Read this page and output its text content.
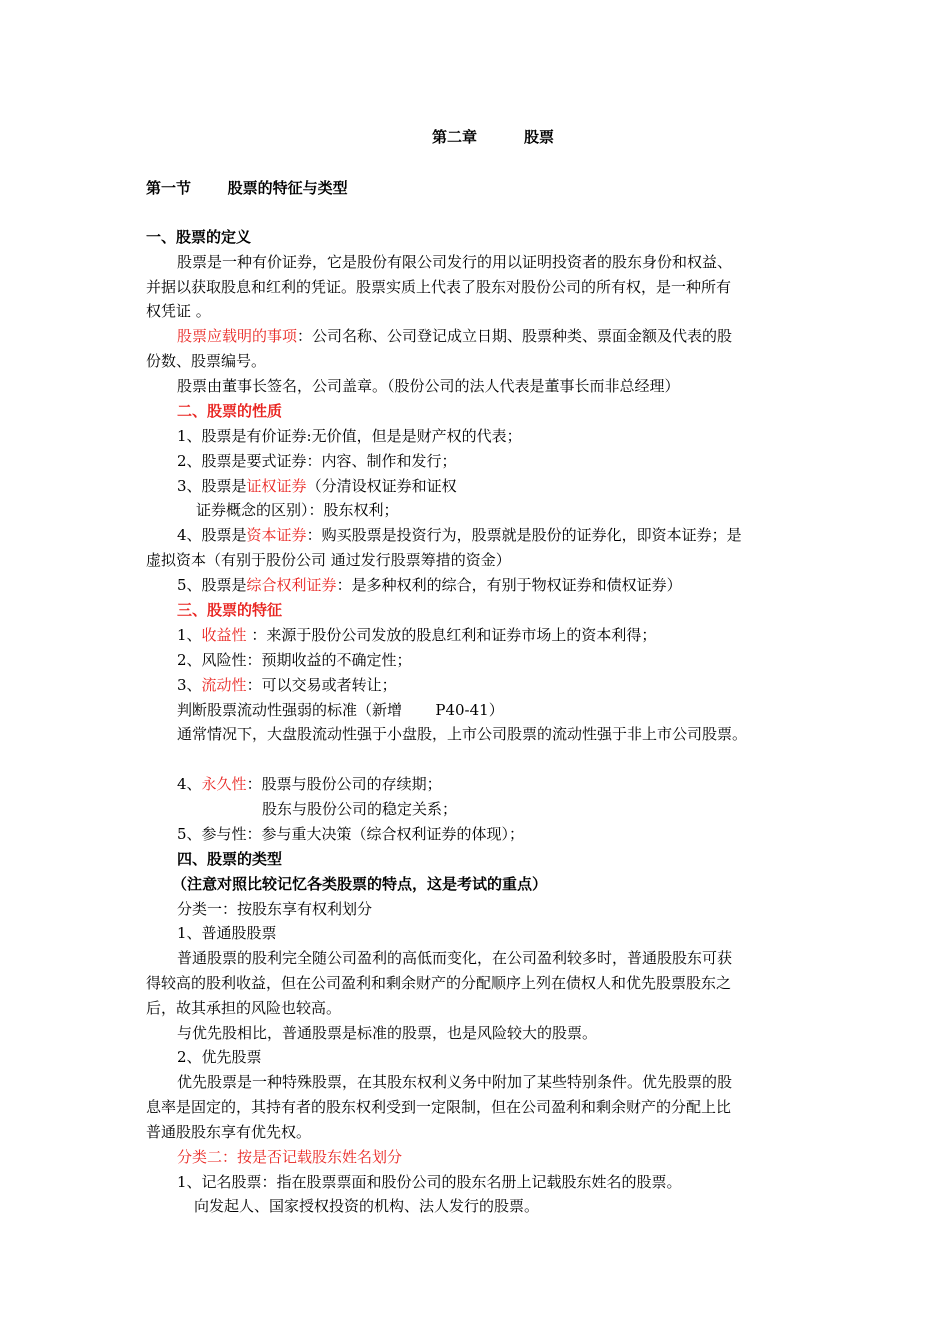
第二章	股票
第一节 股票的特征与类型
一、股票的定义
股票是一种有价证券，它是股份有限公司发行的用以证明投资者的股东身份和权益、
并据以获取股息和红利的凭证。股票实质上代表了股东对股份公司的所有权，是一种所有
权凭证 。
股票应载明的事项：公司名称、公司登记成立日期、股票种类、票面金额及代表的股
份数、股票编号。
股票由董事长签名，公司盖章。（股份公司的法人代表是董事长而非总经理）
二、股票的性质
1、股票是有价证券:无价值，但是是财产权的代表；
2、股票是要式证券：内容、制作和发行；
3、股票是证权证券（分清设权证券和证权
证券概念的区别）：股东权利；
4、股票是资本证券：购买股票是投资行为，股票就是股份的证券化，即资本证券；是
虚拟资本（有别于股份公司 通过发行股票筹措的资金）
5、股票是综合权利证券：是多种权利的综合，有别于物权证券和债权证券）
三、股票的特征
1、收益性 ：来源于股份公司发放的股息红利和证券市场上的资本利得；
2、风险性：预期收益的不确定性；
3、流动性：可以交易或者转让；
判断股票流动性强弱的标准（新增       P40-41）
通常情况下，大盘股流动性强于小盘股，上市公司股票的流动性强于非上市公司股票。
4、永久性：股票与股份公司的存续期；
股东与股份公司的稳定关系；
5、参与性：参与重大决策（综合权利证券的体现）；
四、股票的类型
（注意对照比较记忆各类股票的特点，这是考试的重点）
分类一：按股东享有权利划分
1、普通股股票
普通股票的股利完全随公司盈利的高低而变化，在公司盈利较多时，普通股股东可获
得较高的股利收益，但在公司盈利和剩余财产的分配顺序上列在债权人和优先股票股东之
后，故其承担的风险也较高。
与优先股相比，普通股票是标准的股票，也是风险较大的股票。
2、优先股票
优先股票是一种特殊股票，在其股东权利义务中附加了某些特别条件。优先股票的股
息率是固定的，其持有者的股东权利受到一定限制，但在公司盈利和剩余财产的分配上比
普通股股东享有优先权。
分类二：按是否记载股东姓名划分
1、记名股票：指在股票票面和股份公司的股东名册上记载股东姓名的股票。
向发起人、国家授权投资的机构、法人发行的股票。
